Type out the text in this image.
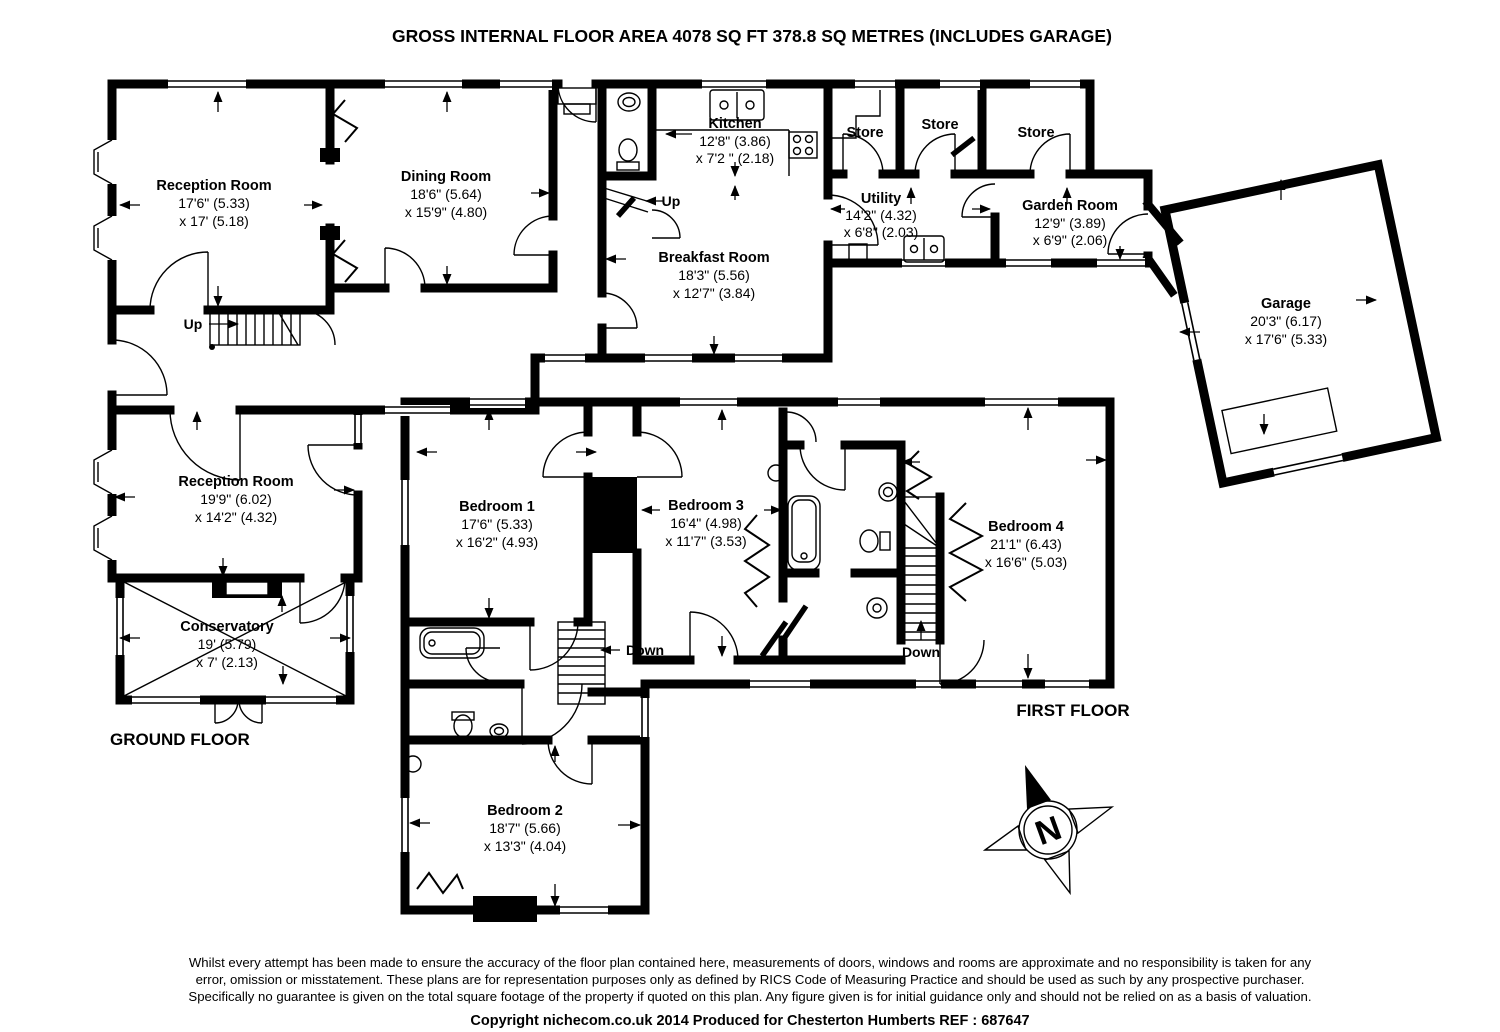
GROSS INTERNAL FLOOR AREA 4078 SQ FT 378.8 SQ METRES (INCLUDES GARAGE)
Reception Room
17'6" (5.33)
x 17' (5.18)
Dining Room
18'6" (5.64)
x 15'9" (4.80)
Kitchen
12'8" (3.86)
x 7'2 " (2.18)
Breakfast Room
18'3" (5.56)
x 12'7" (3.84)
Utility
14'2" (4.32)
x 6'8" (2.03)
Store	Store	Store
Garden Room
12'9" (3.89)
x 6'9" (2.06)
Garage
20'3" (6.17)
x 17'6" (5.33)
Reception Room
19'9" (6.02)
x 14'2" (4.32)
Conservatory
19' (5.79)
x 7' (2.13)
Bedroom 1
17'6" (5.33)
x 16'2" (4.93)
Bedroom 3
16'4" (4.98)
x 11'7" (3.53)
Bedroom 4
21'1" (6.43)
x 16'6" (5.03)
Bedroom 2
18'7" (5.66)
x 13'3" (4.04)
Up
Up
Down	Down
GROUND FLOOR
FIRST FLOOR
Whilst every attempt has been made to ensure the accuracy of the floor plan contained here, measurements of doors, windows and rooms are approximate and no responsibility is taken for any
error, omission or misstatement. These plans are for representation purposes only as defined by RICS Code of Measuring Practice and should be used as such by any prospective purchaser.
Specifically no guarantee is given on the total square footage of the property if quoted on this plan. Any figure given is for initial guidance only and should not be relied on as a basis of valuation.
Copyright nichecom.co.uk 2014 Produced for Chesterton Humberts REF : 687647
N
